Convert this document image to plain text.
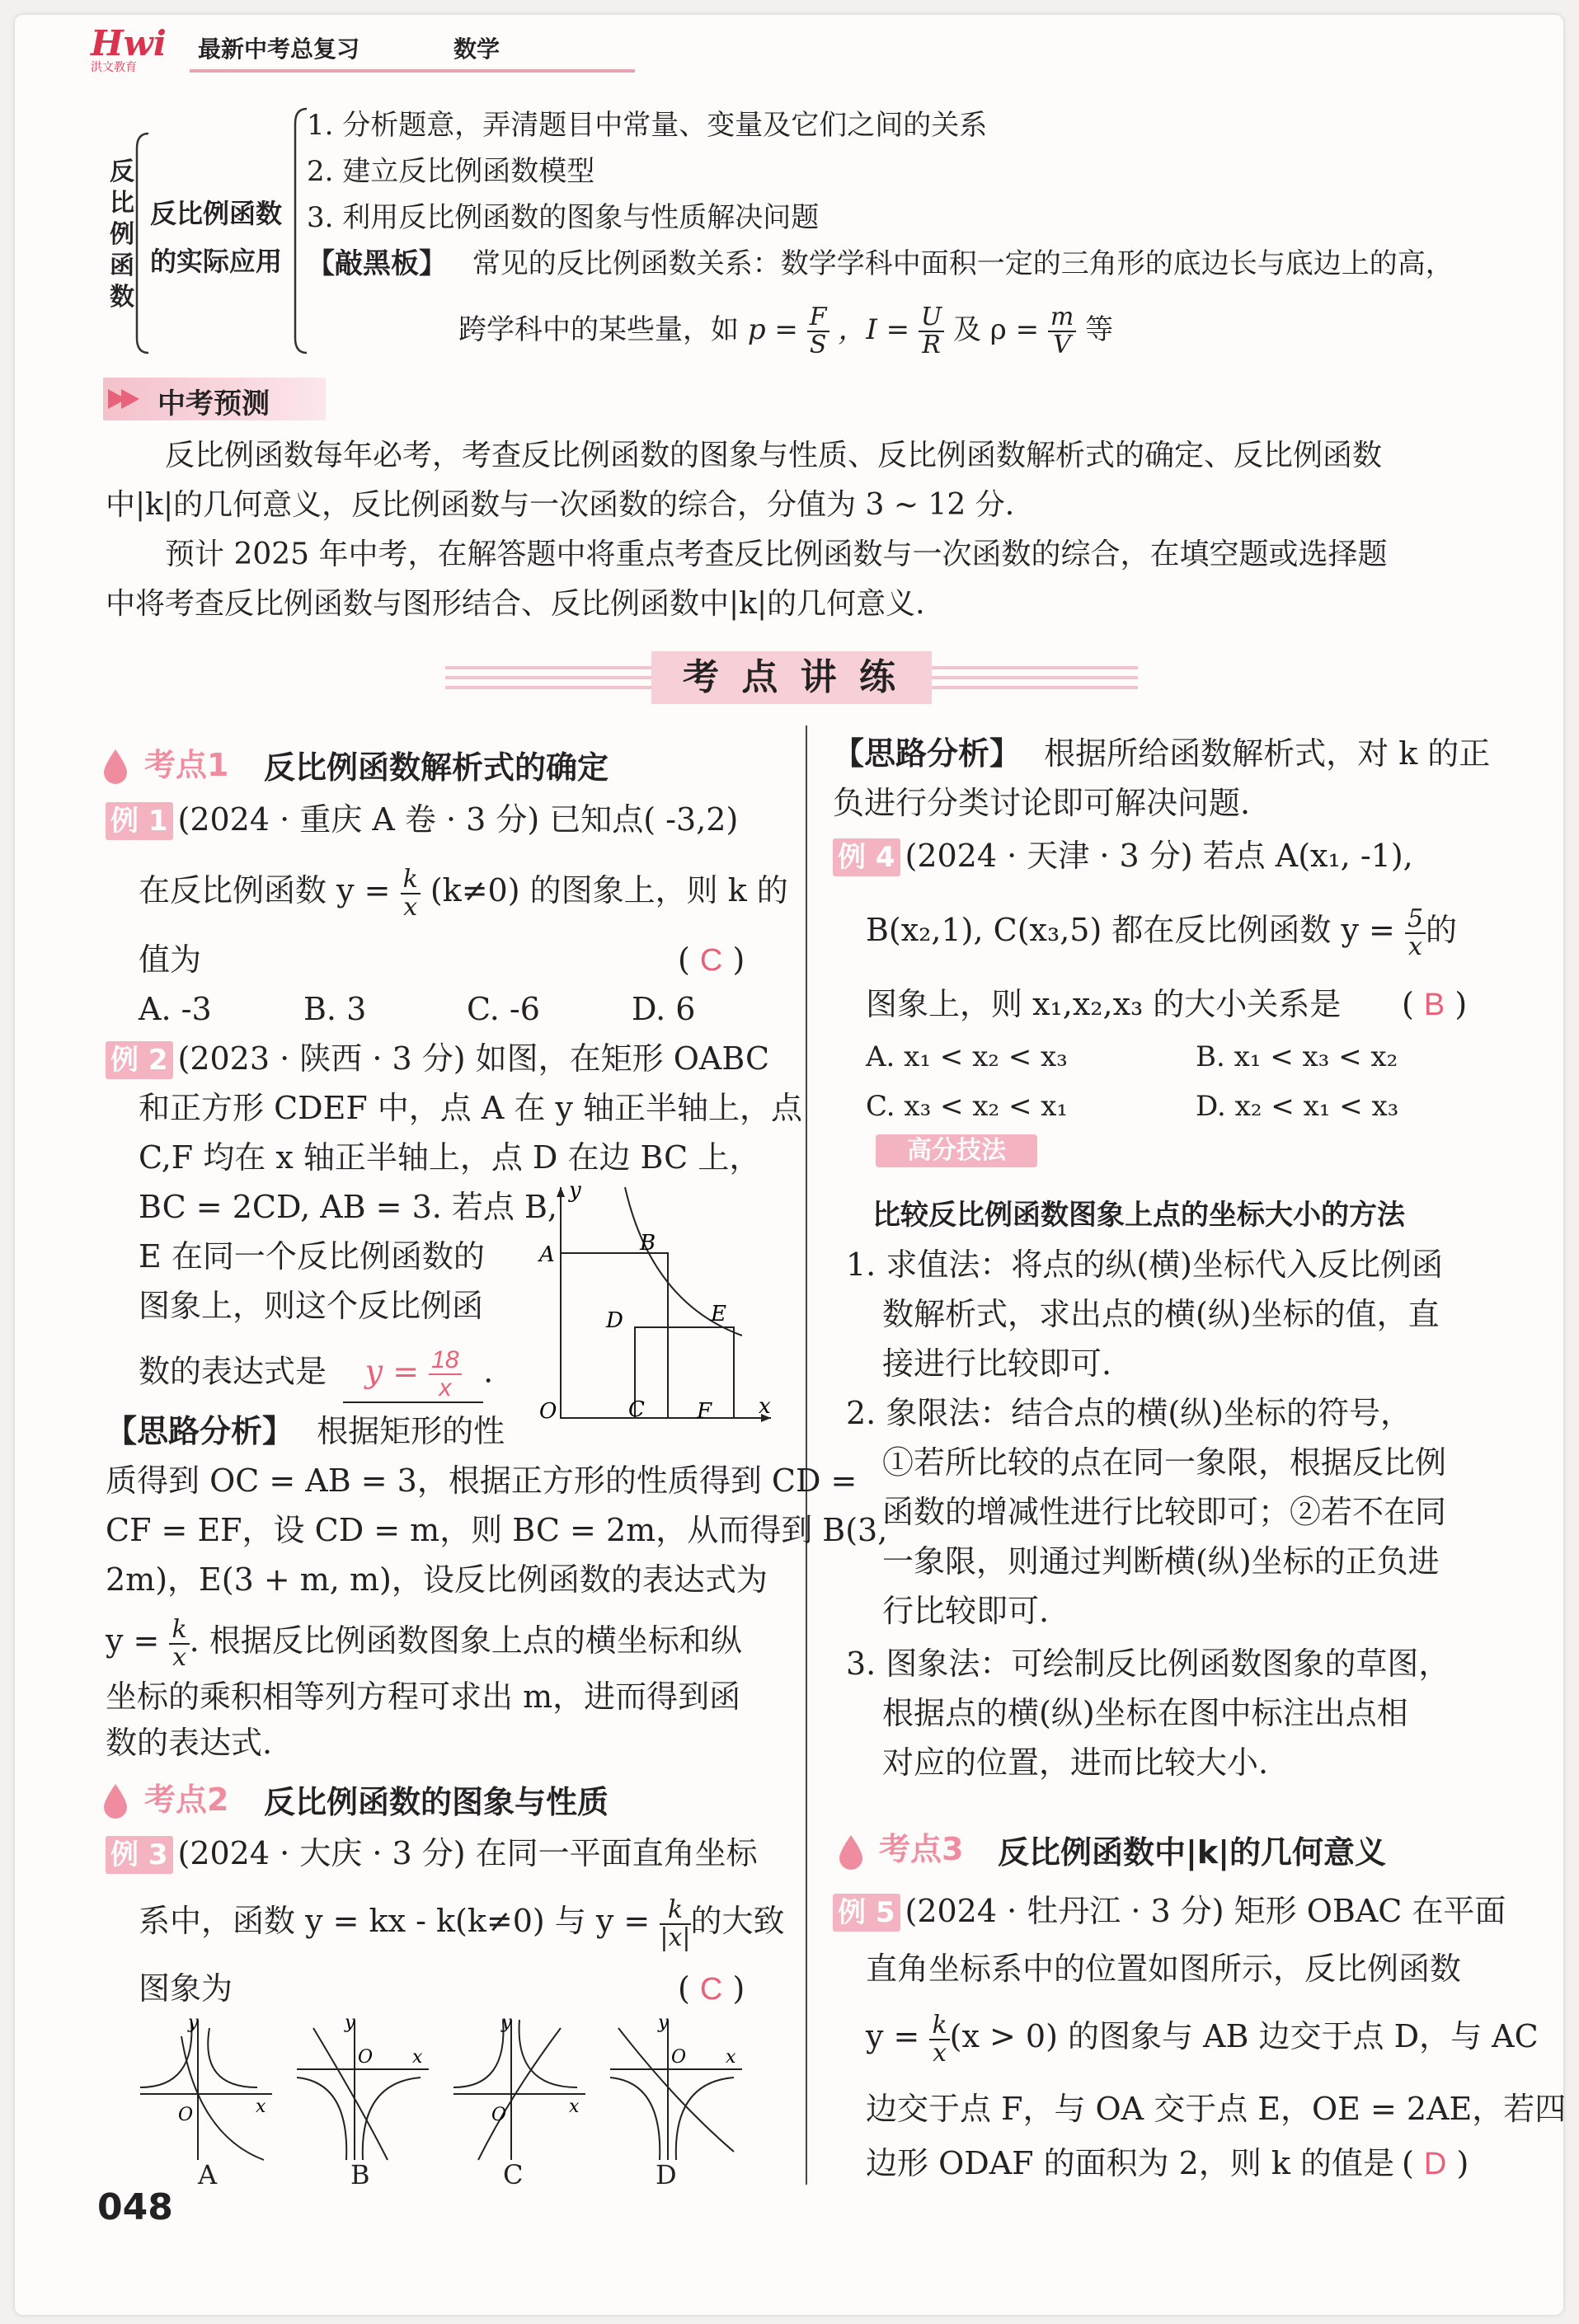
Hwi
洪文教育
最新中考总复习	数学
反
比
例
函
数
反比例函数
的实际应用
1. 分析题意，弄清题目中常量、变量及它们之间的关系
2. 建立反比例函数模型
3. 利用反比例函数的图象与性质解决问题
【敲黑板】 常见的反比例函数关系：数学学科中面积一定的三角形的底边长与底边上的高，
跨学科中的某些量，如 $p = \frac{F}{S}$ ，$I = \frac{U}{R}$ 及 $\rho = \frac{m}{V}$ 等
中考预测
反比例函数每年必考，考查反比例函数的图象与性质、反比例函数解析式的确定、反比例函数
中|k|的几何意义，反比例函数与一次函数的综合，分值为 3 ~ 12 分.
预计 2025 年中考，在解答题中将重点考查反比例函数与一次函数的综合，在填空题或选择题
中将考查反比例函数与图形结合、反比例函数中|k|的几何意义.
考 点 讲 练
考点1 反比例函数解析式的确定
例 1 (2024 · 重庆 A 卷 · 3 分) 已知点( -3,2)
在反比例函数 $y = \frac{k}{x} (k\ne 0)$ 的图象上，则 k 的
值为	( C )
A. -3	B. 3	C. -6	D. 6
例 2 (2023 · 陕西 · 3 分) 如图，在矩形 OABC
和正方形 CDEF 中，点 A 在 y 轴正半轴上，点
C,F 均在 x 轴正半轴上，点 D 在边 BC 上，
BC = 2CD, AB = 3. 若点 B,
E 在同一个反比例函数的
图象上，则这个反比例函
数的表达式是 $y = \frac{18}{x}$ .
y
x
O
A	B
C
D	E
F
【思路分析】 根据矩形的性
质得到 OC = AB = 3，根据正方形的性质得到 CD =
CF = EF，设 CD = m，则 BC = 2m，从而得到 B(3,
2m)，E(3 + m, m)，设反比例函数的表达式为
$y = \frac{k}{x}$ . 根据反比例函数图象上点的横坐标和纵
坐标的乘积相等列方程可求出 m，进而得到函
数的表达式.
考点2 反比例函数的图象与性质
例 3 (2024 · 大庆 · 3 分) 在同一平面直角坐标
系中，函数 y = kx - k(k≠0) 与 $y = \frac{k}{|x|}$ 的大致
图象为	( C )
y
x
O
y
x
O
y
x
O
y
x
O
A	B	C	D
048
【思路分析】 根据所给函数解析式，对 k 的正
负进行分类讨论即可解决问题.
例 4 (2024 · 天津 · 3 分) 若点 A(x₁, -1),
B(x₂,1), C(x₃,5) 都在反比例函数 $y = \frac{5}{x}$ 的
图象上，则 x₁,x₂,x₃ 的大小关系是 ( B )
A. x₁ < x₂ < x₃	B. x₁ < x₃ < x₂
C. x₃ < x₂ < x₁	D. x₂ < x₁ < x₃
高分技法
比较反比例函数图象上点的坐标大小的方法
1. 求值法：将点的纵(横)坐标代入反比例函
数解析式，求出点的横(纵)坐标的值，直
接进行比较即可.
2. 象限法：结合点的横(纵)坐标的符号，
①若所比较的点在同一象限，根据反比例
函数的增减性进行比较即可；②若不在同
一象限，则通过判断横(纵)坐标的正负进
行比较即可.
3. 图象法：可绘制反比例函数图象的草图，
根据点的横(纵)坐标在图中标注出点相
对应的位置，进而比较大小.
考点3 反比例函数中|k|的几何意义
例 5 (2024 · 牡丹江 · 3 分) 矩形 OBAC 在平面
直角坐标系中的位置如图所示，反比例函数
$y = \frac{k}{x} (x > 0)$ 的图象与 AB 边交于点 D，与 AC
边交于点 F，与 OA 交于点 E，OE = 2AE，若四
边形 ODAF 的面积为 2，则 k 的值是 ( D )
